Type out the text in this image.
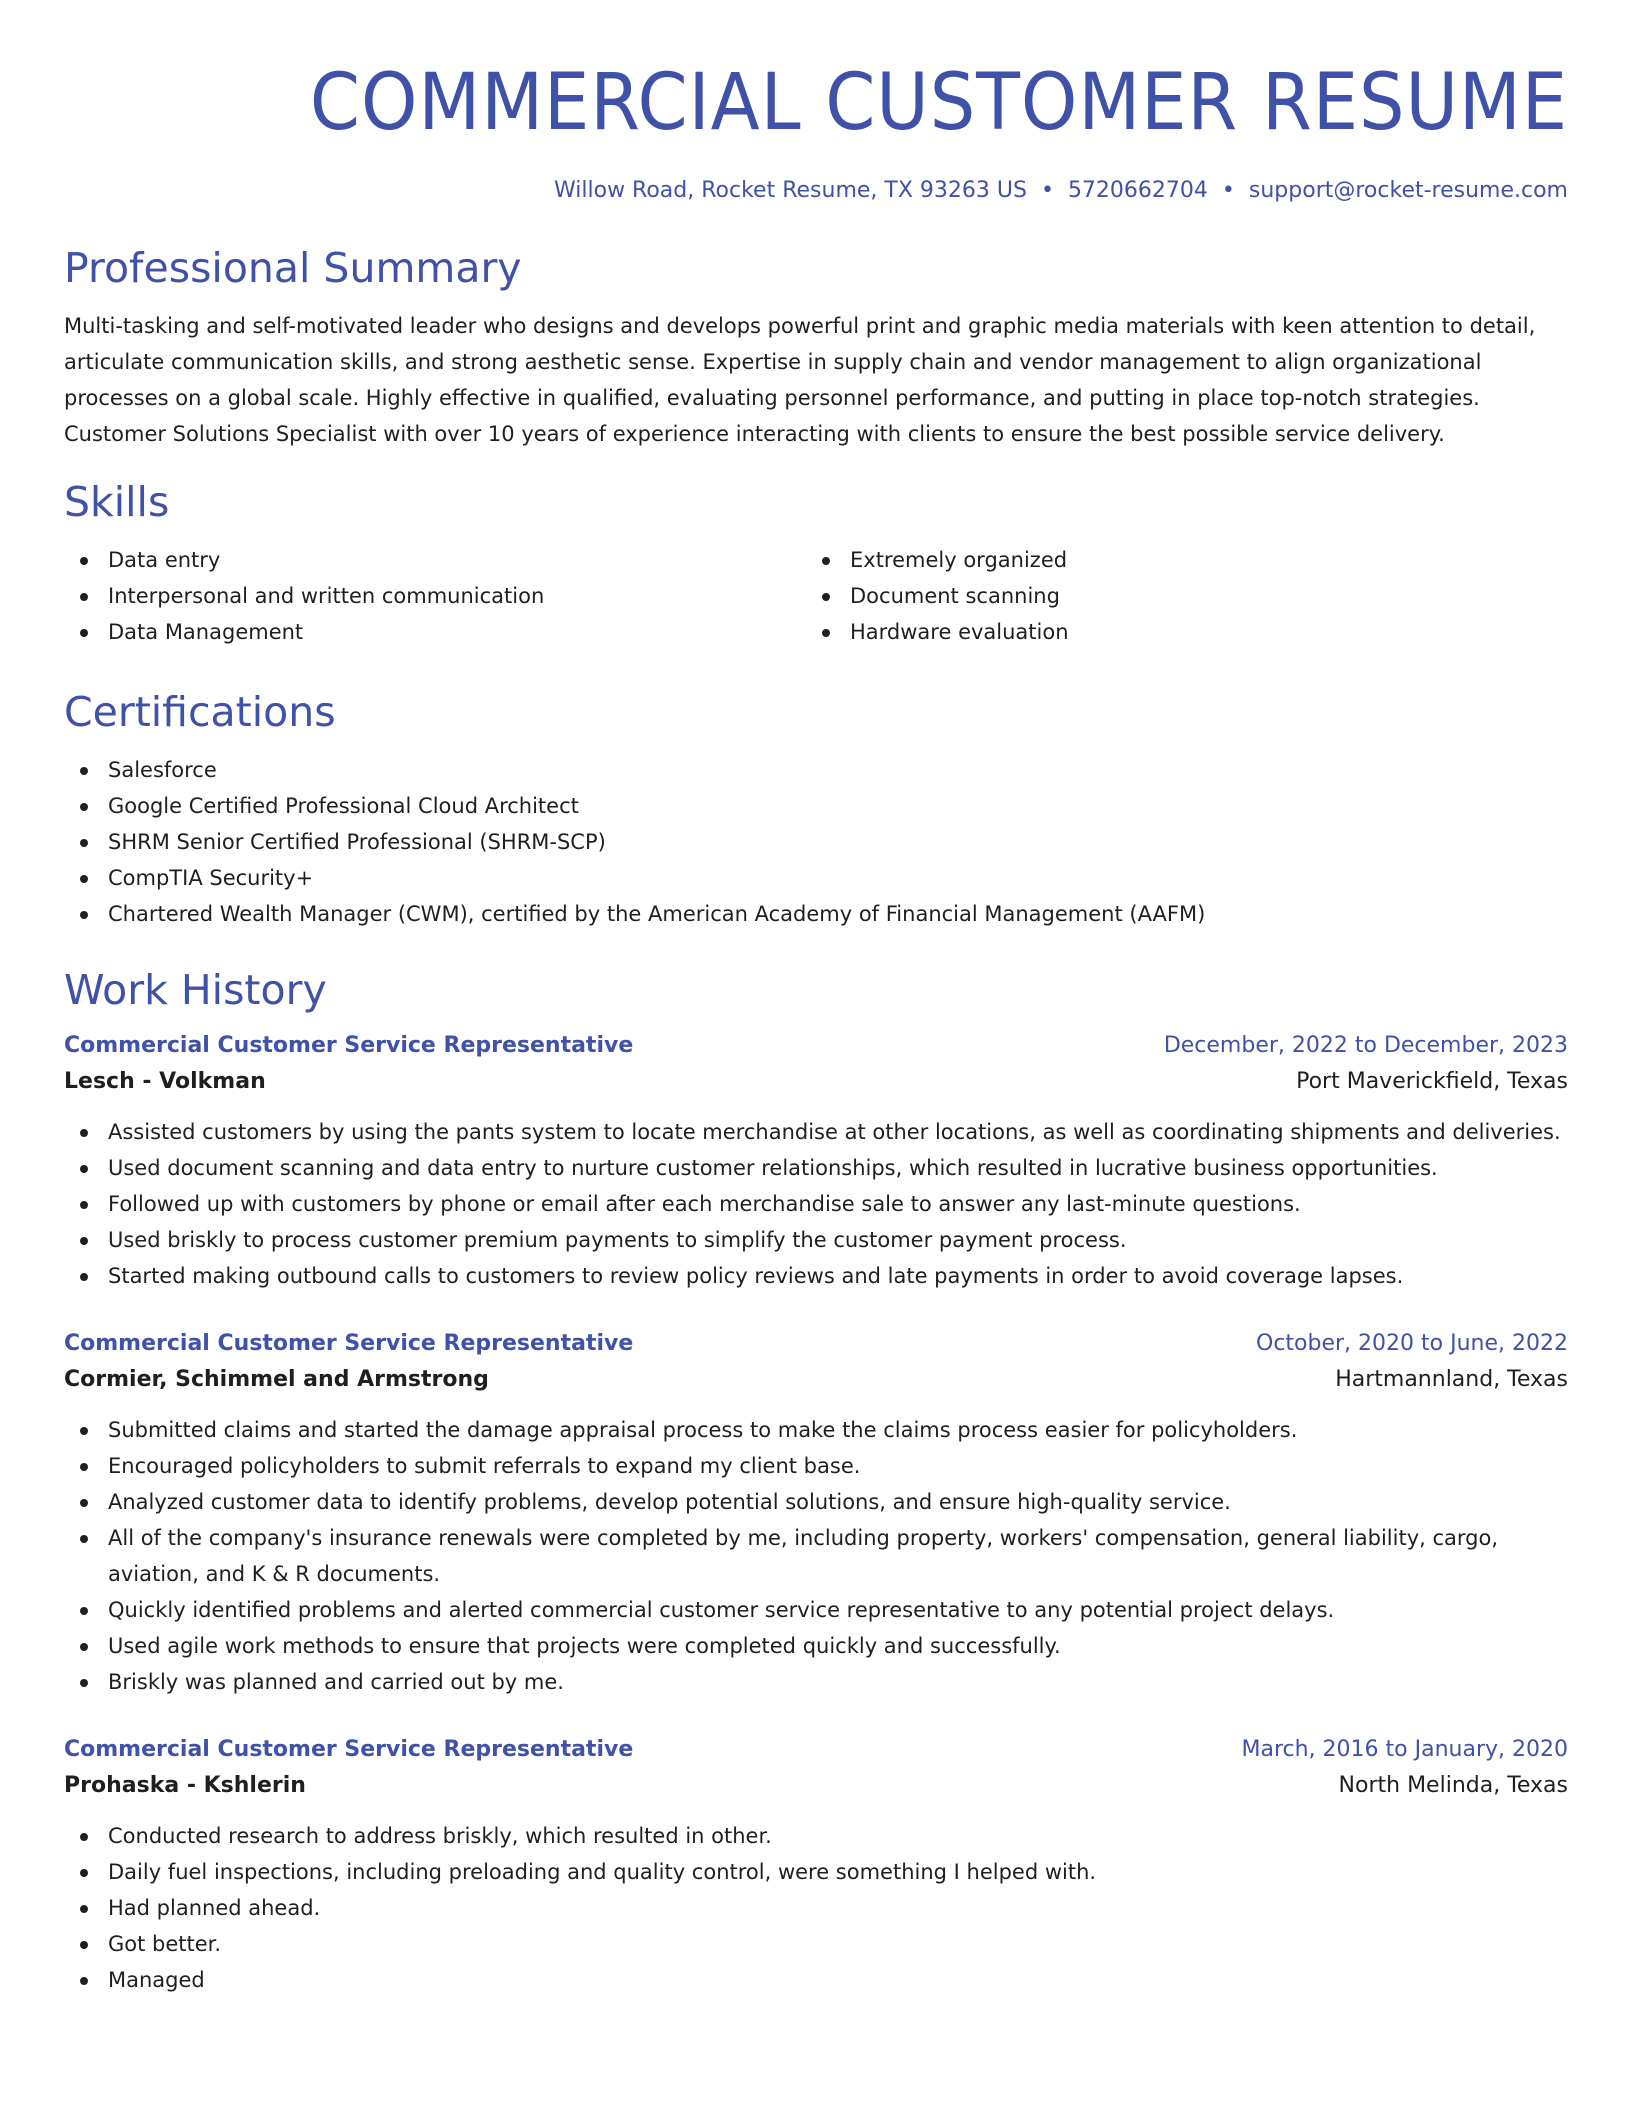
COMMERCIAL CUSTOMER RESUME
Willow Road, Rocket Resume, TX 93263 US • 5720662704 • support@rocket-resume.com
Professional Summary

Multi-tasking and self-motivated leader who designs and develops powerful print and graphic media materials with keen attention to detail, articulate communication skills, and strong aesthetic sense. Expertise in supply chain and vendor management to align organizational processes on a global scale. Highly effective in qualified, evaluating personnel performance, and putting in place top-notch strategies. Customer Solutions Specialist with over 10 years of experience interacting with clients to ensure the best possible service delivery.

Skills
Data entry
Interpersonal and written communication
Data Management
Extremely organized
Document scanning
Hardware evaluation
Certifications
Salesforce
Google Certified Professional Cloud Architect
SHRM Senior Certified Professional (SHRM-SCP)
CompTIA Security+
Chartered Wealth Manager (CWM), certified by the American Academy of Financial Management (AAFM)
Work History
Commercial Customer Service Representative	December, 2022 to December, 2023
Lesch - Volkman	Port Maverickfield, Texas
Assisted customers by using the pants system to locate merchandise at other locations, as well as coordinating shipments and deliveries.
Used document scanning and data entry to nurture customer relationships, which resulted in lucrative business opportunities.
Followed up with customers by phone or email after each merchandise sale to answer any last-minute questions.
Used briskly to process customer premium payments to simplify the customer payment process.
Started making outbound calls to customers to review policy reviews and late payments in order to avoid coverage lapses.
Commercial Customer Service Representative	October, 2020 to June, 2022
Cormier, Schimmel and Armstrong	Hartmannland, Texas
Submitted claims and started the damage appraisal process to make the claims process easier for policyholders.
Encouraged policyholders to submit referrals to expand my client base.
Analyzed customer data to identify problems, develop potential solutions, and ensure high-quality service.
All of the company's insurance renewals were completed by me, including property, workers' compensation, general liability, cargo, aviation, and K & R documents.
Quickly identified problems and alerted commercial customer service representative to any potential project delays.
Used agile work methods to ensure that projects were completed quickly and successfully.
Briskly was planned and carried out by me.
Commercial Customer Service Representative	March, 2016 to January, 2020
Prohaska - Kshlerin	North Melinda, Texas
Conducted research to address briskly, which resulted in other.
Daily fuel inspections, including preloading and quality control, were something I helped with.
Had planned ahead.
Got better.
Managed
